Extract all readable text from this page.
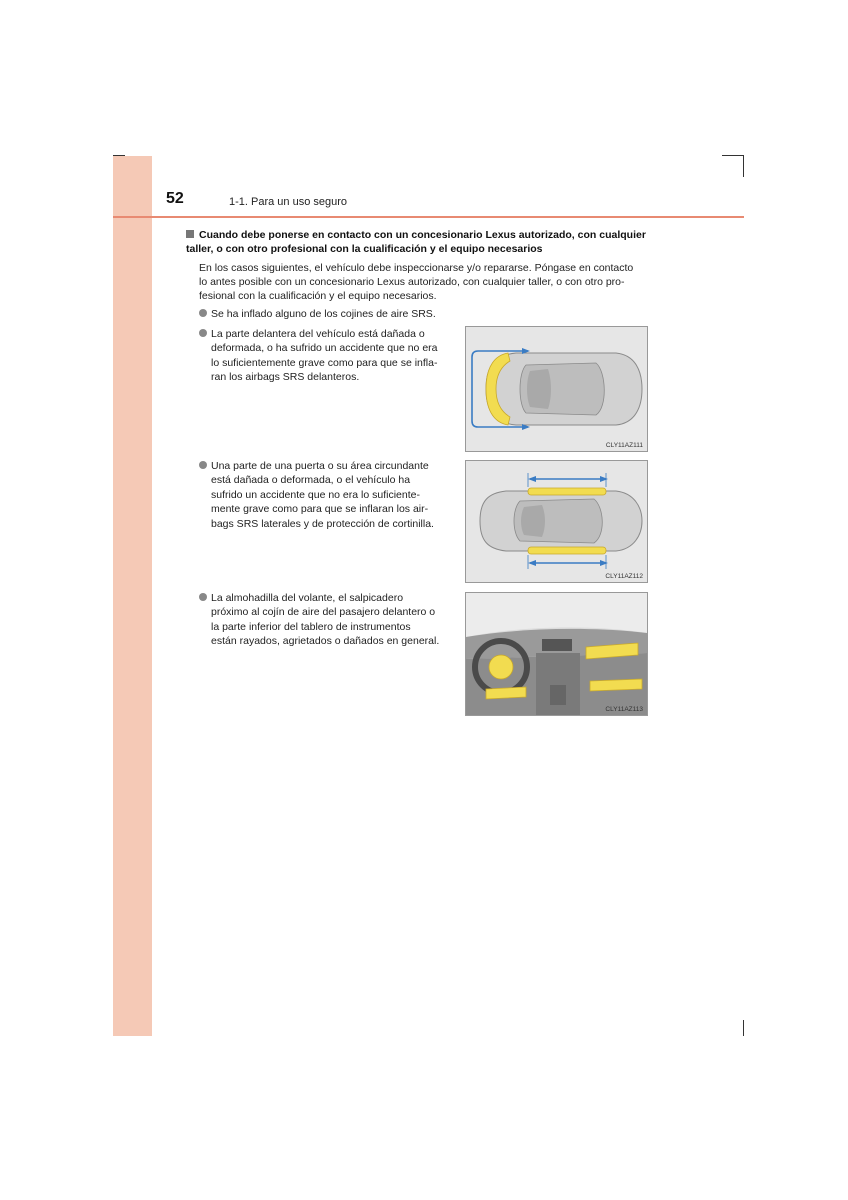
52	1-1. Para un uso seguro
Cuando debe ponerse en contacto con un concesionario Lexus autorizado, con cualquier
taller, o con otro profesional con la cualificación y el equipo necesarios
En los casos siguientes, el vehículo debe inspeccionarse y/o repararse. Póngase en contacto
lo antes posible con un concesionario Lexus autorizado, con cualquier taller, o con otro pro-
fesional con la cualificación y el equipo necesarios.
Se ha inflado alguno de los cojines de aire SRS.
La parte delantera del vehículo está dañada o
deformada, o ha sufrido un accidente que no era
lo suficientemente grave como para que se infla-
ran los airbags SRS delanteros.
Una parte de una puerta o su área circundante
está dañada o deformada, o el vehículo ha
sufrido un accidente que no era lo suficiente-
mente grave como para que se inflaran los air-
bags SRS laterales y de protección de cortinilla.
La almohadilla del volante, el salpicadero
próximo al cojín de aire del pasajero delantero o
la parte inferior del tablero de instrumentos
están rayados, agrietados o dañados en general.
CLY11AZ111
CLY11AZ112
CLY11AZ113
